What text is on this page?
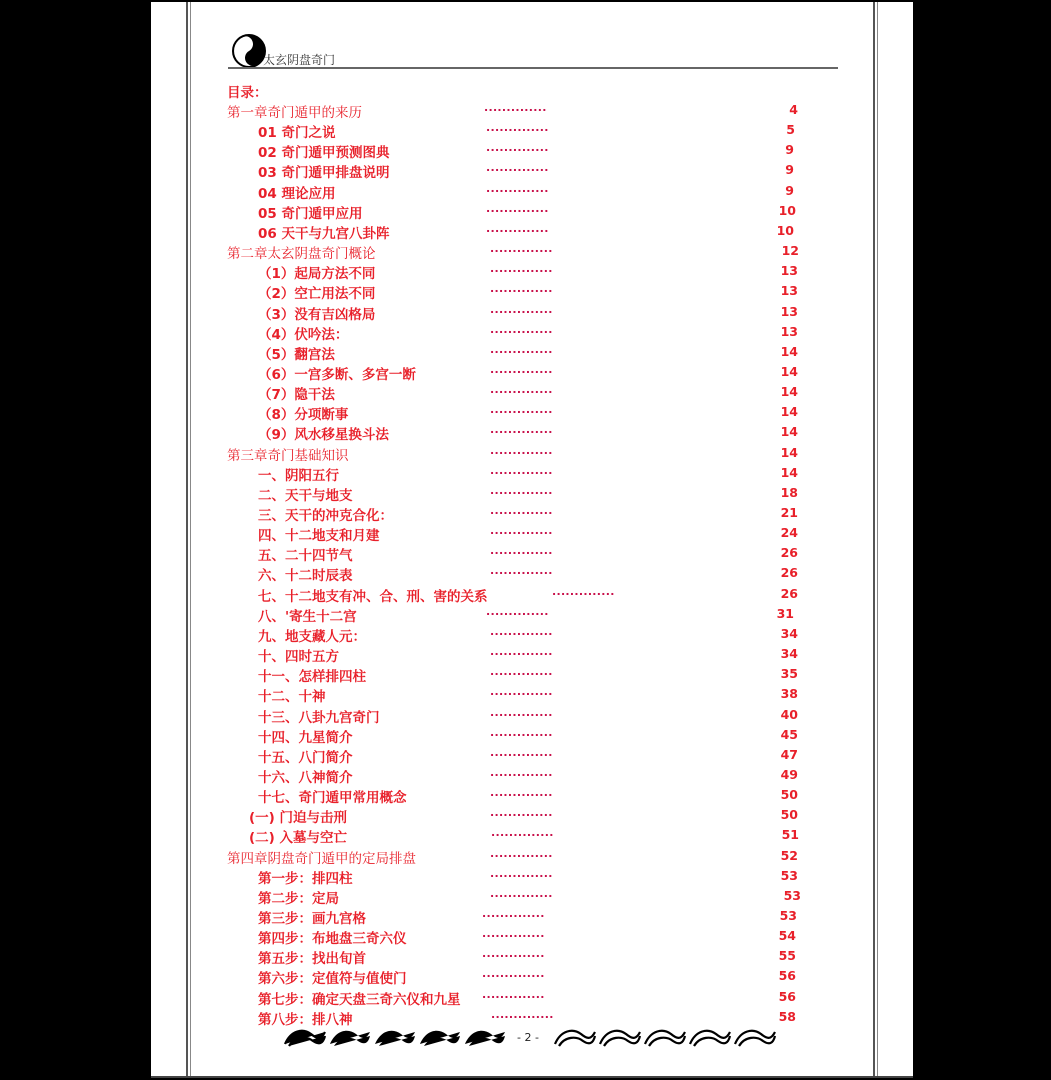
太玄阴盘奇门
目录：
第一章奇门遁甲的来历	..............	4
01 奇门之说	..............	5
02 奇门遁甲预测图典	..............	9
03 奇门遁甲排盘说明	..............	9
04 理论应用	..............	9
05 奇门遁甲应用	..............	10
06 天干与九宫八卦阵	..............	10
第二章太玄阴盘奇门概论	..............	12
（1）起局方法不同	..............	13
（2）空亡用法不同	..............	13
（3）没有吉凶格局	..............	13
（4）伏吟法：	..............	13
（5）翻宫法	..............	14
（6）一宫多断、多宫一断	..............	14
（7）隐干法	..............	14
（8）分项断事	..............	14
（9）风水移星换斗法	..............	14
第三章奇门基础知识	..............	14
一、阴阳五行	..............	14
二、天干与地支	..............	18
三、天干的冲克合化：	..............	21
四、十二地支和月建	..............	24
五、二十四节气	..............	26
六、十二时辰表	..............	26
七、十二地支有冲、合、刑、害的关系	..............	26
八、'寄生十二宫	..............	31
九、地支藏人元：	..............	34
十、四时五方	..............	34
十一、怎样排四柱	..............	35
十二、十神	..............	38
十三、八卦九宫奇门	..............	40
十四、九星简介	..............	45
十五、八门简介	..............	47
十六、八神简介	..............	49
十七、奇门遁甲常用概念	..............	50
(一) 门迫与击刑	..............	50
(二) 入墓与空亡	..............	51
第四章阴盘奇门遁甲的定局排盘	..............	52
第一步：排四柱	..............	53
第二步：定局	..............	53
第三步：画九宫格	..............	53
第四步：布地盘三奇六仪	..............	54
第五步：找出旬首	..............	55
第六步：定值符与值使门	..............	56
第七步：确定天盘三奇六仪和九星 ..............	56
第八步：排八神	..............	58
- 2 -
